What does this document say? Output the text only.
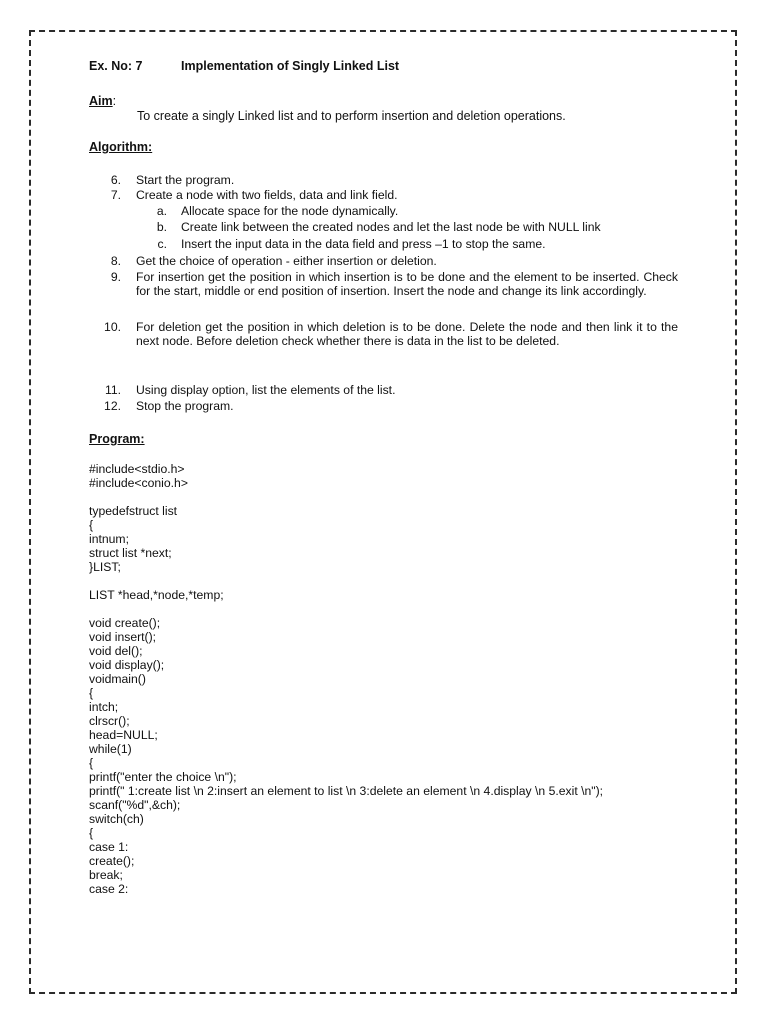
Ex. No: 7	Implementation of Singly Linked List
Aim:
To create a singly Linked list and to perform insertion and deletion operations.
Algorithm:
6. Start the program.
7. Create a node with two fields, data and link field.
a. Allocate space for the node dynamically.
b. Create link between the created nodes and let the last node be with NULL link
c. Insert the input data in the data field and press –1 to stop the same.
8. Get the choice of operation - either insertion or deletion.
9. For insertion get the position in which insertion is to be done and the element to be inserted. Check for the start, middle or end position of insertion. Insert the node and change its link accordingly.
10. For deletion get the position in which deletion is to be done. Delete the node and then link it to the next node. Before deletion check whether there is data in the list to be deleted.
11. Using display option, list the elements of the list.
12. Stop the program.
Program:
#include<stdio.h>
#include<conio.h>
typedefstruct list
{
intnum;
struct list *next;
}LIST;
LIST *head,*node,*temp;
void create();
void insert();
void del();
void display();
voidmain()
{
intch;
clrscr();
head=NULL;
while(1)
{
printf("enter the choice \n");
printf(" 1:create list \n 2:insert an element to list \n 3:delete an element \n 4.display \n 5.exit \n");
scanf("%d",&ch);
switch(ch)
{
case 1:
create();
break;
case 2:
